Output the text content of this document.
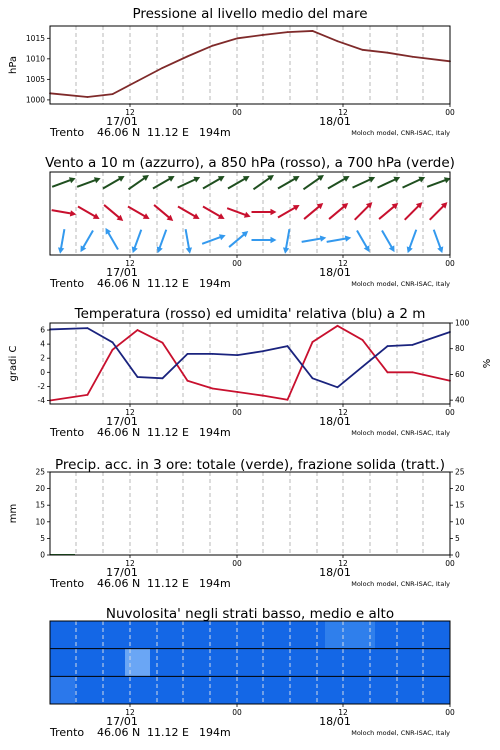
Pressione al livello medio del mare
12	00	12	00
17/01	18/01
Trento 46.06 N 11.12 E 194m	Moloch model, CNR-ISAC, Italy
1000
1005
1010
1015
hPa
Vento a 10 m (azzurro), a 850 hPa (rosso), a 700 hPa (verde)
12	00	12	00
17/01	18/01
Trento 46.06 N 11.12 E 194m	Moloch model, CNR-ISAC, Italy
Temperatura (rosso) ed umidita' relativa (blu) a 2 m
12	00	12	00
17/01	18/01
Trento 46.06 N 11.12 E 194m	Moloch model, CNR-ISAC, Italy
-4
-2
0
2
4
6
40
60
80
100
gradi C	%
Precip. acc. in 3 ore: totale (verde), frazione solida (tratt.)
12	00	12	00
17/01	18/01
Trento 46.06 N 11.12 E 194m	Moloch model, CNR-ISAC, Italy
0
5
10
15
20
25
0
5
10
15
20
25
mm
Nuvolosita' negli strati basso, medio e alto
12	00	12	00
17/01	18/01
Trento 46.06 N 11.12 E 194m	Moloch model, CNR-ISAC, Italy
